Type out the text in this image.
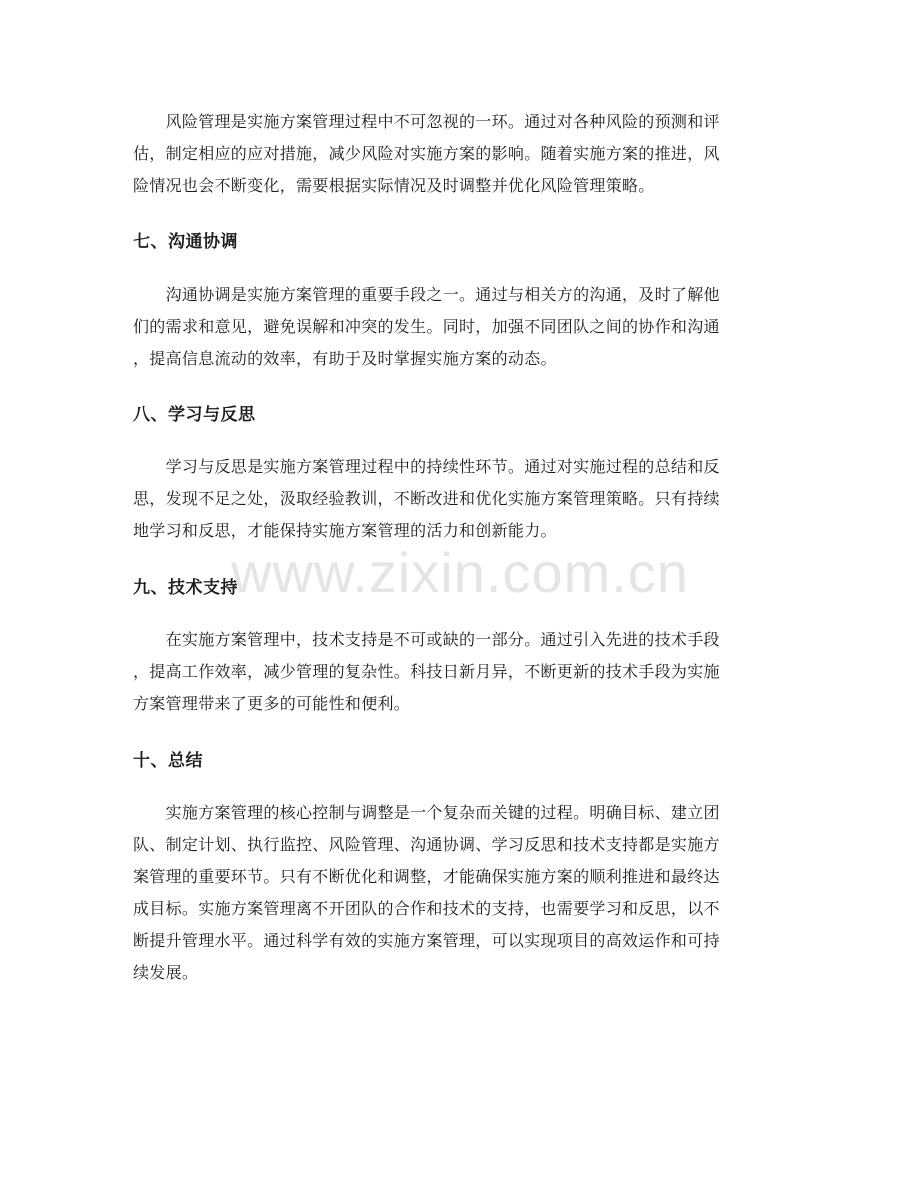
　　风险管理是实施方案管理过程中不可忽视的一环。通过对各种风险的预测和评
估，制定相应的应对措施，减少风险对实施方案的影响。随着实施方案的推进，风
险情况也会不断变化，需要根据实际情况及时调整并优化风险管理策略。

七、沟通协调

　　沟通协调是实施方案管理的重要手段之一。通过与相关方的沟通，及时了解他
们的需求和意见，避免误解和冲突的发生。同时，加强不同团队之间的协作和沟通
，提高信息流动的效率，有助于及时掌握实施方案的动态。

八、学习与反思

　　学习与反思是实施方案管理过程中的持续性环节。通过对实施过程的总结和反
思，发现不足之处，汲取经验教训，不断改进和优化实施方案管理策略。只有持续
地学习和反思，才能保持实施方案管理的活力和创新能力。

九、技术支持

　　在实施方案管理中，技术支持是不可或缺的一部分。通过引入先进的技术手段
，提高工作效率，减少管理的复杂性。科技日新月异，不断更新的技术手段为实施
方案管理带来了更多的可能性和便利。

十、总结

　　实施方案管理的核心控制与调整是一个复杂而关键的过程。明确目标、建立团
队、制定计划、执行监控、风险管理、沟通协调、学习反思和技术支持都是实施方
案管理的重要环节。只有不断优化和调整，才能确保实施方案的顺利推进和最终达
成目标。实施方案管理离不开团队的合作和技术的支持，也需要学习和反思，以不
断提升管理水平。通过科学有效的实施方案管理，可以实现项目的高效运作和可持
续发展。

www.zixin.com.cn
